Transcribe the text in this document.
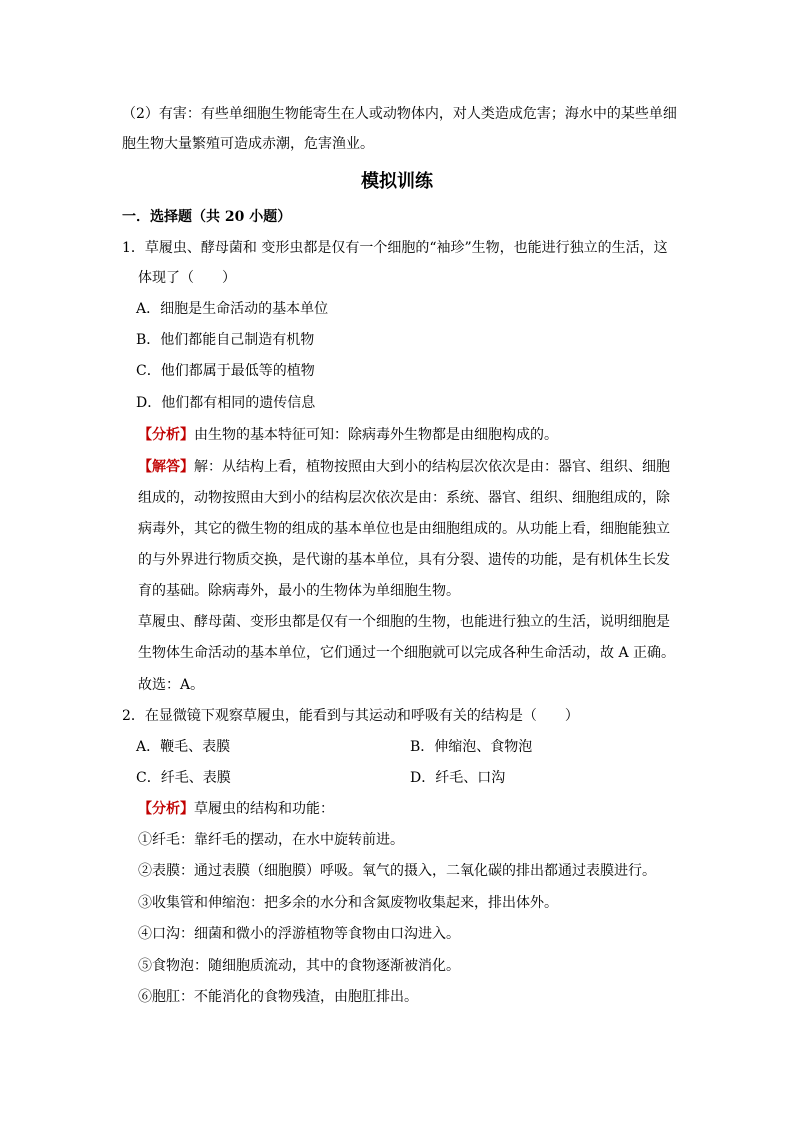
（2）有害：有些单细胞生物能寄生在人或动物体内，对人类造成危害；海水中的某些单细
胞生物大量繁殖可造成赤潮，危害渔业。
模拟训练
一．选择题（共 20 小题）
1．草履虫、酵母菌和 变形虫都是仅有一个细胞的“袖珍”生物，也能进行独立的生活，这
体现了（　　）
A．细胞是生命活动的基本单位
B．他们都能自己制造有机物
C．他们都属于最低等的植物
D．他们都有相同的遗传信息
【分析】由生物的基本特征可知：除病毒外生物都是由细胞构成的。
【解答】解：从结构上看，植物按照由大到小的结构层次依次是由：器官、组织、细胞
组成的，动物按照由大到小的结构层次依次是由：系统、器官、组织、细胞组成的，除
病毒外，其它的微生物的组成的基本单位也是由细胞组成的。从功能上看，细胞能独立
的与外界进行物质交换，是代谢的基本单位，具有分裂、遗传的功能，是有机体生长发
育的基础。除病毒外，最小的生物体为单细胞生物。
草履虫、酵母菌、变形虫都是仅有一个细胞的生物，也能进行独立的生活，说明细胞是
生物体生命活动的基本单位，它们通过一个细胞就可以完成各种生命活动，故 A 正确。
故选：A。
2．在显微镜下观察草履虫，能看到与其运动和呼吸有关的结构是（　　）
A．鞭毛、表膜	B．伸缩泡、食物泡
C．纤毛、表膜	D．纤毛、口沟
【分析】草履虫的结构和功能：
①纤毛：靠纤毛的摆动，在水中旋转前进。
②表膜：通过表膜（细胞膜）呼吸。氧气的摄入，二氧化碳的排出都通过表膜进行。
③收集管和伸缩泡：把多余的水分和含氮废物收集起来，排出体外。
④口沟：细菌和微小的浮游植物等食物由口沟进入。
⑤食物泡：随细胞质流动，其中的食物逐渐被消化。
⑥胞肛：不能消化的食物残渣，由胞肛排出。
